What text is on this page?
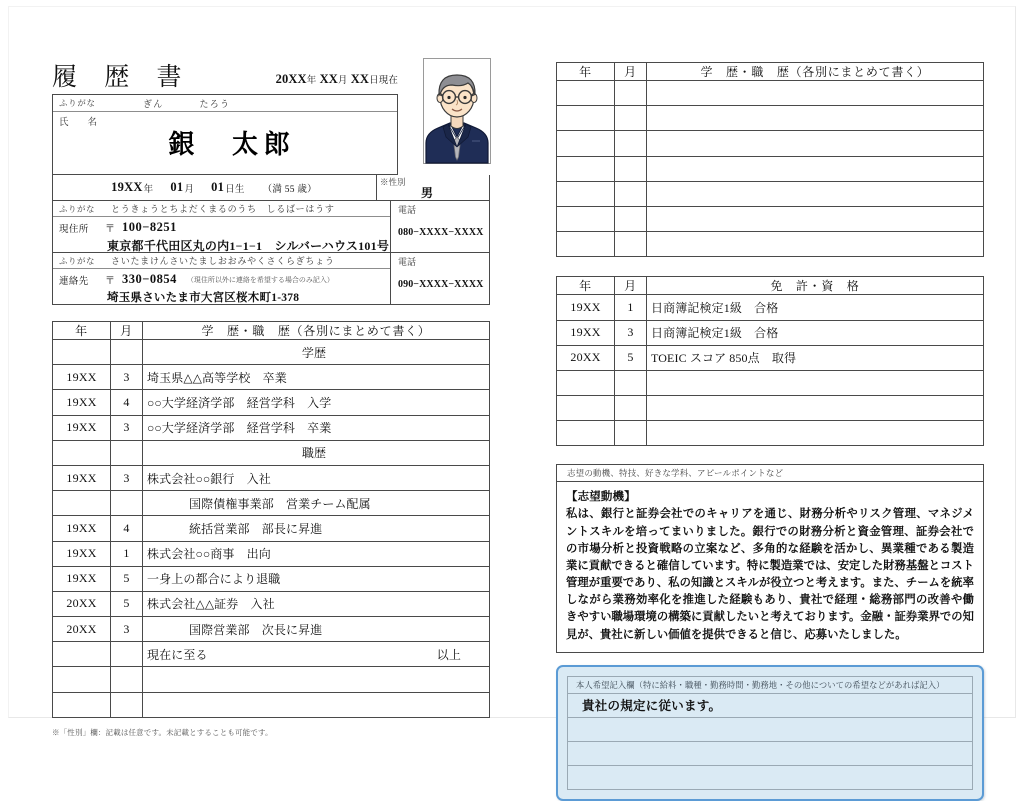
履 歴 書	20XX年 XX月 XX日現在
ふりがな	ぎん	たろう
氏　名
銀　太郎
19XX 年 01 月 01 日生 （満 55 歳）
※性別
男
ふりがな	とうきょうとちよだくまるのうち　しるばーはうす
現住所	〒 100−8251
東京都千代田区丸の内1−1−1　シルバーハウス101号
電話
080−XXXX−XXXX
ふりがな	さいたまけんさいたましおおみやくさくらぎちょう
連絡先	〒 330−0854 （現住所以外に連絡を希望する場合のみ記入）
埼玉県さいたま市大宮区桜木町1-378
電話
090−XXXX−XXXX
年	月	学　歴・職　歴（各別にまとめて書く）
		学歴
19XX	3	埼玉県△△高等学校　卒業
19XX	4	○○大学経済学部　経営学科　入学
19XX	3	○○大学経済学部　経営学科　卒業
		職歴
19XX	3	株式会社○○銀行　入社
		国際債権事業部　営業チーム配属
19XX	4	統括営業部　部長に昇進
19XX	1	株式会社○○商事　出向
19XX	5	一身上の都合により退職
20XX	5	株式会社△△証券　入社
20XX	3	国際営業部　次長に昇進
		現在に至る 以上

※「性別」欄：記載は任意です。未記載とすることも可能です。
年	月	学　歴・職　歴（各別にまとめて書く）

年	月	免　許・資　格
19XX	1	日商簿記検定1級　合格
19XX	3	日商簿記検定1級　合格
20XX	5	TOEIC スコア 850点　取得

志望の動機、特技、好きな学科、アピールポイントなど
【志望動機】
私は、銀行と証券会社でのキャリアを通じ、財務分析やリスク管理、マネジメントスキルを培ってまいりました。銀行での財務分析と資金管理、証券会社での市場分析と投資戦略の立案など、多角的な経験を活かし、異業種である製造業に貢献できると確信しています。特に製造業では、安定した財務基盤とコスト管理が重要であり、私の知識とスキルが役立つと考えます。また、チームを統率しながら業務効率化を推進した経験もあり、貴社で経理・総務部門の改善や働きやすい職場環境の構築に貢献したいと考えております。金融・証券業界での知見が、貴社に新しい価値を提供できると信じ、応募いたしました。
本人希望記入欄（特に給料・職種・勤務時間・勤務地・その他についての希望などがあれば記入）
貴社の規定に従います。
